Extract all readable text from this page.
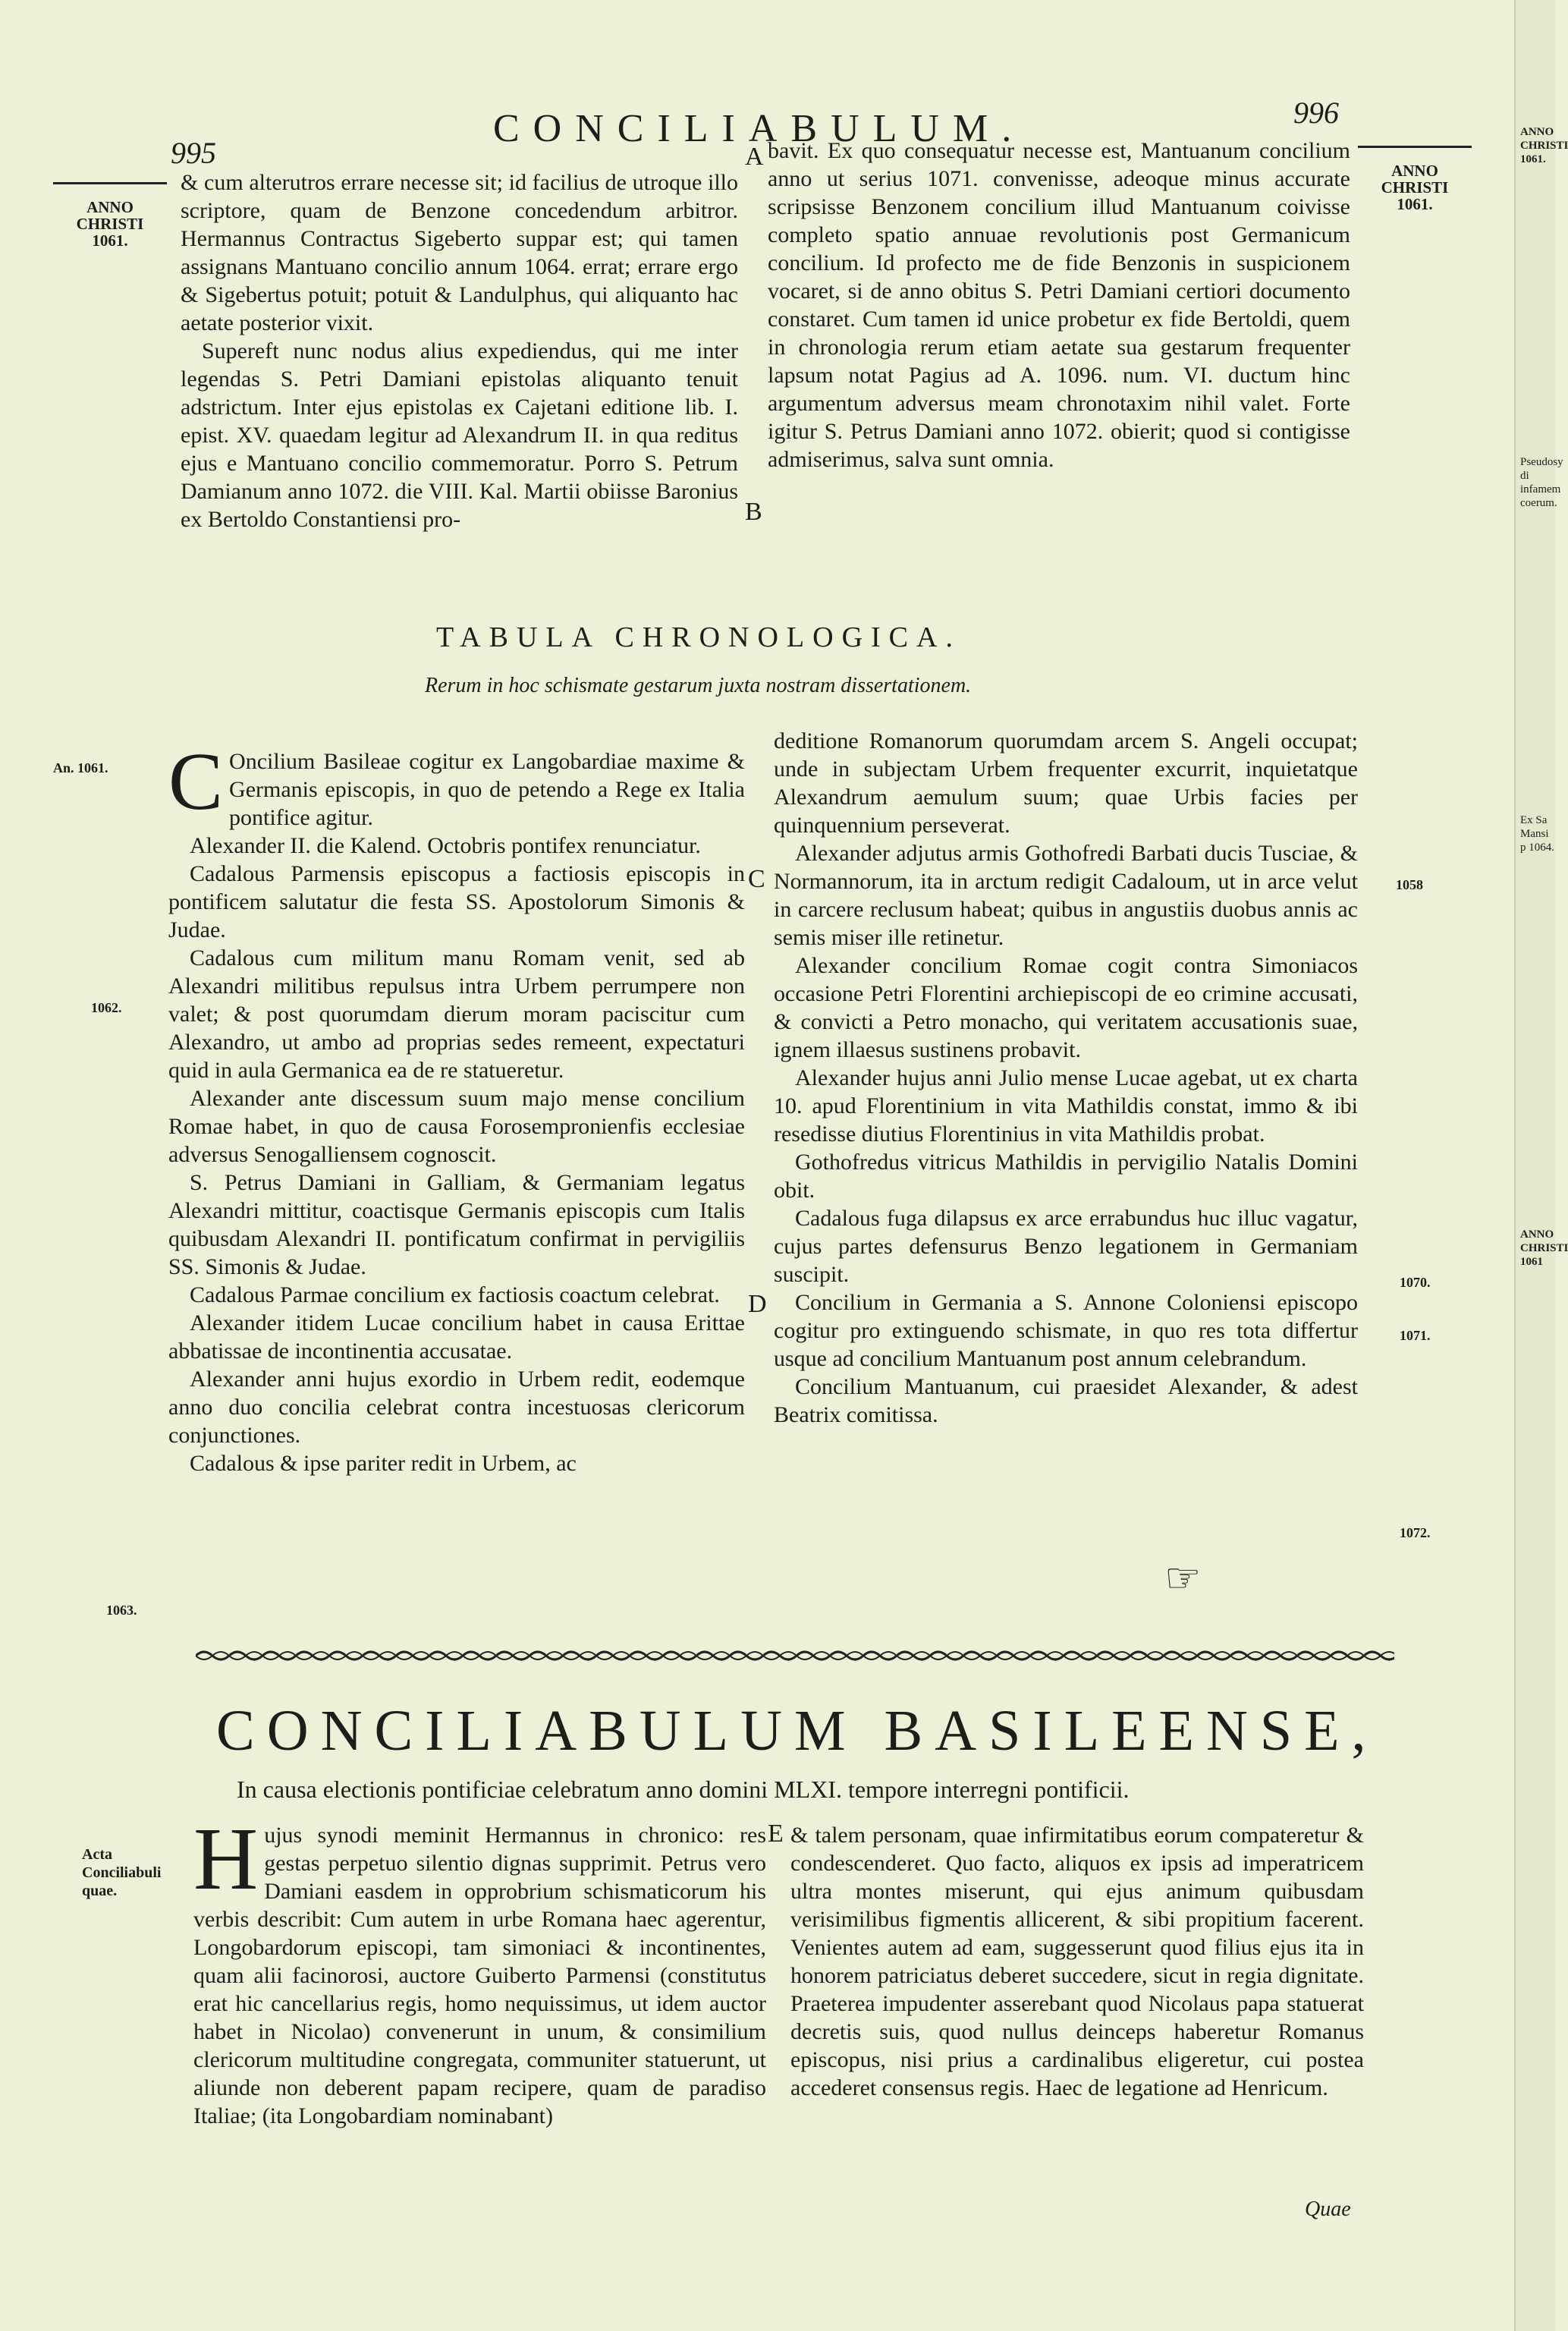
995
CONCILIABULUM.	996
ANNO CHRISTI 1061.
ANNO CHRISTI 1061.

& cum alterutros errare necesse sit; id facilius de utroque illo scriptore, quam de Benzone concedendum arbitror. Hermannus Contractus Sigeberto suppar est; qui tamen assignans Mantuano concilio annum 1064. errat; errare ergo & Sigebertus potuit; potuit & Landulphus, qui aliquanto hac aetate posterior vixit.

Supereft nunc nodus alius expediendus, qui me inter legendas S. Petri Damiani epistolas aliquanto tenuit adstrictum. Inter ejus epistolas ex Cajetani editione lib. I. epist. XV. quaedam legitur ad Alexandrum II. in qua reditus ejus e Mantuano concilio commemoratur. Porro S. Petrum Damianum anno 1072. die VIII. Kal. Martii obiisse Baronius ex Bertoldo Constantiensi pro-

A
B

bavit. Ex quo consequatur necesse est, Mantuanum concilium anno ut serius 1071. convenisse, adeoque minus accurate scripsisse Benzonem concilium illud Mantuanum coivisse completo spatio annuae revolutionis post Germanicum concilium. Id profecto me de fide Benzonis in suspicionem vocaret, si de anno obitus S. Petri Damiani certiori documento constaret. Cum tamen id unice probetur ex fide Bertoldi, quem in chronologia rerum etiam aetate sua gestarum frequenter lapsum notat Pagius ad A. 1096. num. VI. ductum hinc argumentum adversus meam chronotaxim nihil valet. Forte igitur S. Petrus Damiani anno 1072. obierit; quod si contigisse admiserimus, salva sunt omnia.

TABULA CHRONOLOGICA.
Rerum in hoc schismate gestarum juxta nostram dissertationem.
An. 1061.
1062.
1063.
C Oncilium Basileae cogitur ex Langobardiae maxime & Germanis episcopis, in quo de petendo a Rege ex Italia pontifice agitur.

Alexander II. die Kalend. Octobris pontifex renunciatur.

Cadalous Parmensis episcopus a factiosis episcopis in pontificem salutatur die festa SS. Apostolorum Simonis & Judae.

Cadalous cum militum manu Romam venit, sed ab Alexandri militibus repulsus intra Urbem perrumpere non valet; & post quorumdam dierum moram paciscitur cum Alexandro, ut ambo ad proprias sedes remeent, expectaturi quid in aula Germanica ea de re statueretur.

Alexander ante discessum suum majo mense concilium Romae habet, in quo de causa Forosempronienfis ecclesiae adversus Senogalliensem cognoscit.

S. Petrus Damiani in Galliam, & Germaniam legatus Alexandri mittitur, coactisque Germanis episcopis cum Italis quibusdam Alexandri II. pontificatum confirmat in pervigiliis SS. Simonis & Judae.

Cadalous Parmae concilium ex factiosis coactum celebrat.

Alexander itidem Lucae concilium habet in causa Erittae abbatissae de incontinentia accusatae.

Alexander anni hujus exordio in Urbem redit, eodemque anno duo concilia celebrat contra incestuosas clericorum conjunctiones.

Cadalous & ipse pariter redit in Urbem, ac

C
D

deditione Romanorum quorumdam arcem S. Angeli occupat; unde in subjectam Urbem frequenter excurrit, inquietatque Alexandrum aemulum suum; quae Urbis facies per quinquennium perseverat.

Alexander adjutus armis Gothofredi Barbati ducis Tusciae, & Normannorum, ita in arctum redigit Cadaloum, ut in arce velut in carcere reclusum habeat; quibus in angustiis duobus annis ac semis miser ille retinetur.

Alexander concilium Romae cogit contra Simoniacos occasione Petri Florentini archiepiscopi de eo crimine accusati, & convicti a Petro monacho, qui veritatem accusationis suae, ignem illaesus sustinens probavit.

Alexander hujus anni Julio mense Lucae agebat, ut ex charta 10. apud Florentinium in vita Mathildis constat, immo & ibi resedisse diutius Florentinius in vita Mathildis probat.

Gothofredus vitricus Mathildis in pervigilio Natalis Domini obit.

Cadalous fuga dilapsus ex arce errabundus huc illuc vagatur, cujus partes defensurus Benzo legationem in Germaniam suscipit.

Concilium in Germania a S. Annone Coloniensi episcopo cogitur pro extinguendo schismate, in quo res tota differtur usque ad concilium Mantuanum post annum celebrandum.

Concilium Mantuanum, cui praesidet Alexander, & adest Beatrix comitissa.

1058
1070.
1071.
1072.
☞
CONCILIABULUM BASILEENSE,
In causa electionis pontificiae celebratum anno domini MLXI. tempore interregni pontificii.
Acta Conciliabuli quae. H ujus synodi meminit Hermannus in chronico: res gestas perpetuo silentio dignas supprimit. Petrus vero Damiani easdem in opprobrium schismaticorum his verbis describit: Cum autem in urbe Romana haec agerentur, Longobardorum episcopi, tam simoniaci & incontinentes, quam alii facinorosi, auctore Guiberto Parmensi (constitutus erat hic cancellarius regis, homo nequissimus, ut idem auctor habet in Nicolao) convenerunt in unum, & consimilium clericorum multitudine congregata, communiter statuerunt, ut aliunde non deberent papam recipere, quam de paradiso Italiae; (ita Longobardiam nominabant)

E & talem personam, quae infirmitatibus eorum compateretur & condescenderet. Quo facto, aliquos ex ipsis ad imperatricem ultra montes miserunt, qui ejus animum quibusdam verisimilibus figmentis allicerent, & sibi propitium facerent. Venientes autem ad eam, suggesserunt quod filius ejus ita in honorem patriciatus deberet succedere, sicut in regia dignitate. Praeterea impudenter asserebant quod Nicolaus papa statuerat decretis suis, quod nullus deinceps haberetur Romanus episcopus, nisi prius a cardinalibus eligeretur, cui postea accederet consensus regis. Haec de legatione ad Henricum.

Quae
ANNO CHRISTI 1061.
Pseudosy di infamem coerum.
Ex Sa Mansi p 1064.
ANNO CHRISTI 1061
